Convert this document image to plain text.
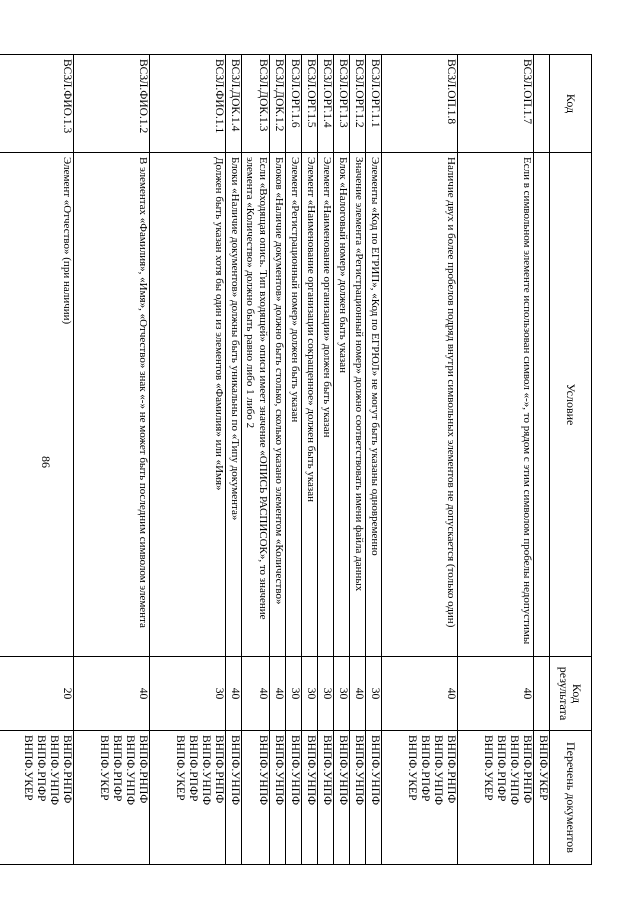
86
Код	Условие	Код результата	Перечень документов
			ВНПФ.УКЕР
ВСЗЛ.ОП.1.7	Если в символьном элементе использован символ «-», то рядом с этим символом пробелы недопустимы	40	ВНПФ.РНПФ
ВНПФ.УНПФ
ВНПФ.РПФР
ВНПФ.УКЕР

ВСЗЛ.ОП.1.8	Наличие двух и более пробелов подряд внутри символьных элементов не допускается (только один)	40	ВНПФ.РНПФ
ВНПФ.УНПФ
ВНПФ.РПФР
ВНПФ.УКЕР

ВСЗЛ.ОРГ.1.1	Элементы «Код по ЕГРИП», «Код по ЕГРЮЛ» не могут быть указаны одновременно	30	ВНПФ.УНПФ

ВСЗЛ.ОРГ.1.2	Значение элемента «Регистрационный номер» должно соответствовать имени файла данных	40	ВНПФ.УНПФ

ВСЗЛ.ОРГ.1.3	Блок «Налоговый номер» должен быть указан	30	ВНПФ.УНПФ

ВСЗЛ.ОРГ.1.4	Элемент «Наименование организации» должен быть указан	30	ВНПФ.УНПФ

ВСЗЛ.ОРГ.1.5	Элемент «Наименование организации сокращенное» должен быть указан	30	ВНПФ.УНПФ

ВСЗЛ.ОРГ.1.6	Элемент «Регистрационный номер» должен быть указан	30	ВНПФ.УНПФ

ВСЗЛ.ДОК.1.2	Блоков «Наличие документов» должно быть столько, сколько указано элементом «Количество»	40	ВНПФ.УНПФ

ВСЗЛ.ДОК.1.3	Если «Входящая опись. Тип входящей» описи имеет значение «ОПИСЬ РАСПИСОК», то значение элемента «Количество» должно быть равно либо 1 либо 2	40	ВНПФ.УНПФ

ВСЗЛ.ДОК.1.4	Блоки «Наличие документов» должны быть уникальны по «Типу документа»	40	ВНПФ.УНПФ

ВСЗЛ.ФИО.1.1	Должен быть указан хотя бы один из элементов «Фамилия» или «Имя»	30	ВНПФ.РНПФ
ВНПФ.УНПФ
ВНПФ.РПФР
ВНПФ.УКЕР

ВСЗЛ.ФИО.1.2	В элементах «Фамилия», «Имя», «Отчество» знак «-» не может быть последним символом элемента	40	ВНПФ.РНПФ
ВНПФ.УНПФ
ВНПФ.РПФР
ВНПФ.УКЕР

ВСЗЛ.ФИО.1.3	Элемент «Отчество» (при наличии)	20	ВНПФ.РНПФ
ВНПФ.УНПФ
ВНПФ.РПФР
ВНПФ.УКЕР
